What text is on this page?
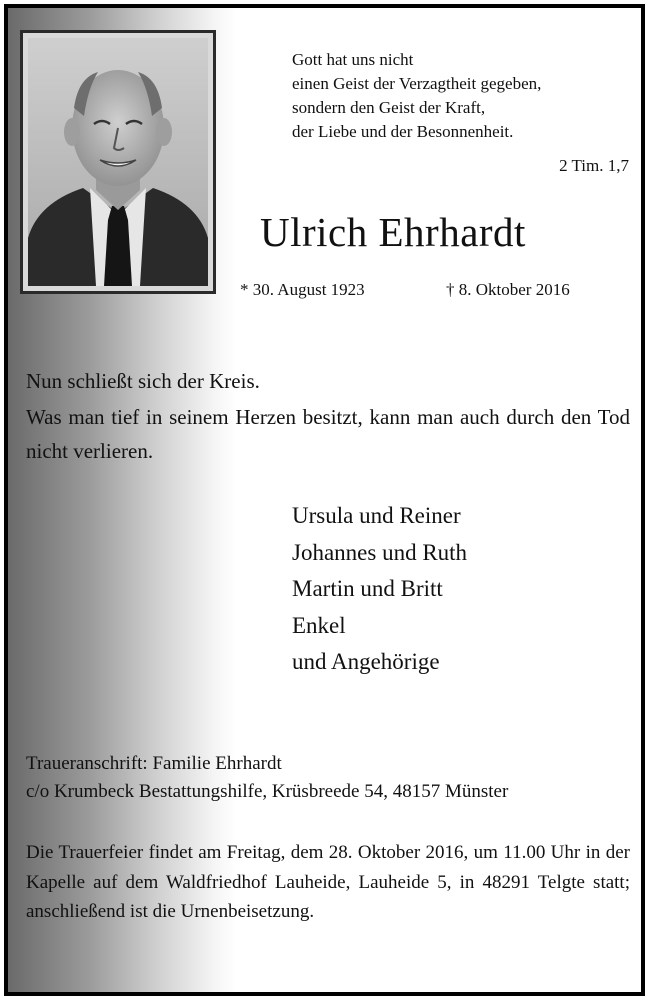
Gott hat uns nicht
einen Geist der Verzagtheit gegeben,
sondern den Geist der Kraft,
der Liebe und der Besonnenheit.
2 Tim. 1,7
Ulrich Ehrhardt
* 30. August 1923	† 8. Oktober 2016
Nun schließt sich der Kreis.
Was man tief in seinem Herzen besitzt, kann man auch durch den Tod nicht verlieren.
Ursula und Reiner
Johannes und Ruth
Martin und Britt
Enkel
und Angehörige
Traueranschrift: Familie Ehrhardt
c/o Krumbeck Bestattungshilfe, Krüsbreede 54, 48157 Münster
Die Trauerfeier findet am Freitag, dem 28. Oktober 2016, um 11.00 Uhr in der Kapelle auf dem Waldfriedhof Lauheide, Lauheide 5, in 48291 Telgte statt; anschließend ist die Urnenbeisetzung.
